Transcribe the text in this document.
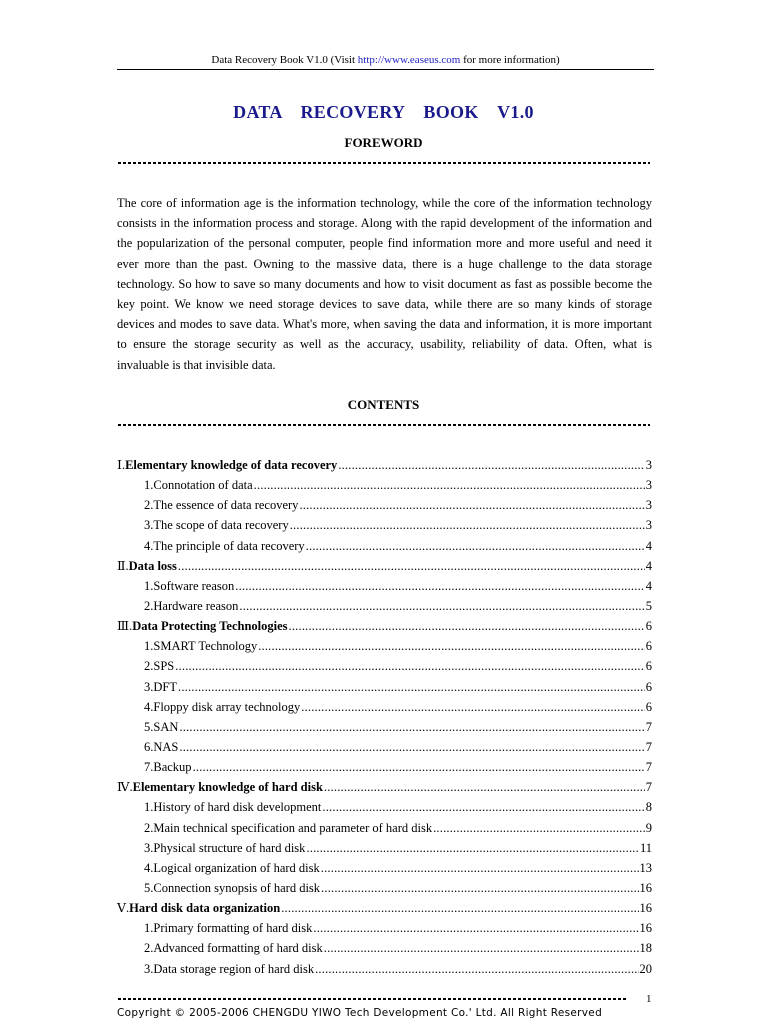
Data Recovery Book V1.0 (Visit http://www.easeus.com for more information)
DATA RECOVERY BOOK V1.0
FOREWORD

The core of information age is the information technology, while the core of the information technology consists in the information process and storage. Along with the rapid development of the information and the popularization of the personal computer, people find information more and more useful and need it ever more than the past. Owning to the massive data, there is a huge challenge to the data storage technology. So how to save so many documents and how to visit document as fast as possible become the key point. We know we need storage devices to save data, while there are so many kinds of storage devices and modes to save data. What's more, when saving the data and information, it is more important to ensure the storage security as well as the accuracy, usability, reliability of data. Often, what is invaluable is that invisible data.

CONTENTS
Ⅰ.Elementary knowledge of data recovery .....	3
1.Connotation of data .....	3
2.The essence of data recovery .....	3
3.The scope of data recovery .....	3
4.The principle of data recovery .....	4
Ⅱ.Data loss .....	4
1.Software reason .....	4
2.Hardware reason .....	5
Ⅲ.Data Protecting Technologies .....	6
1.SMART Technology .....	6
2.SPS .....	6
3.DFT .....	6
4.Floppy disk array technology .....	6
5.SAN .....	7
6.NAS .....	7
7.Backup .....	7
Ⅳ.Elementary knowledge of hard disk .....	7
1.History of hard disk development .....	8
2.Main technical specification and parameter of hard disk .....	9
3.Physical structure of hard disk .....	11
4.Logical organization of hard disk .....	13
5.Connection synopsis of hard disk .....	16
Ⅴ.Hard disk data organization .....	16
1.Primary formatting of hard disk .....	16
2.Advanced formatting of hard disk .....	18
3.Data storage region of hard disk .....	20
1
Copyright © 2005-2006 CHENGDU YIWO Tech Development Co.' Ltd. All Right Reserved
